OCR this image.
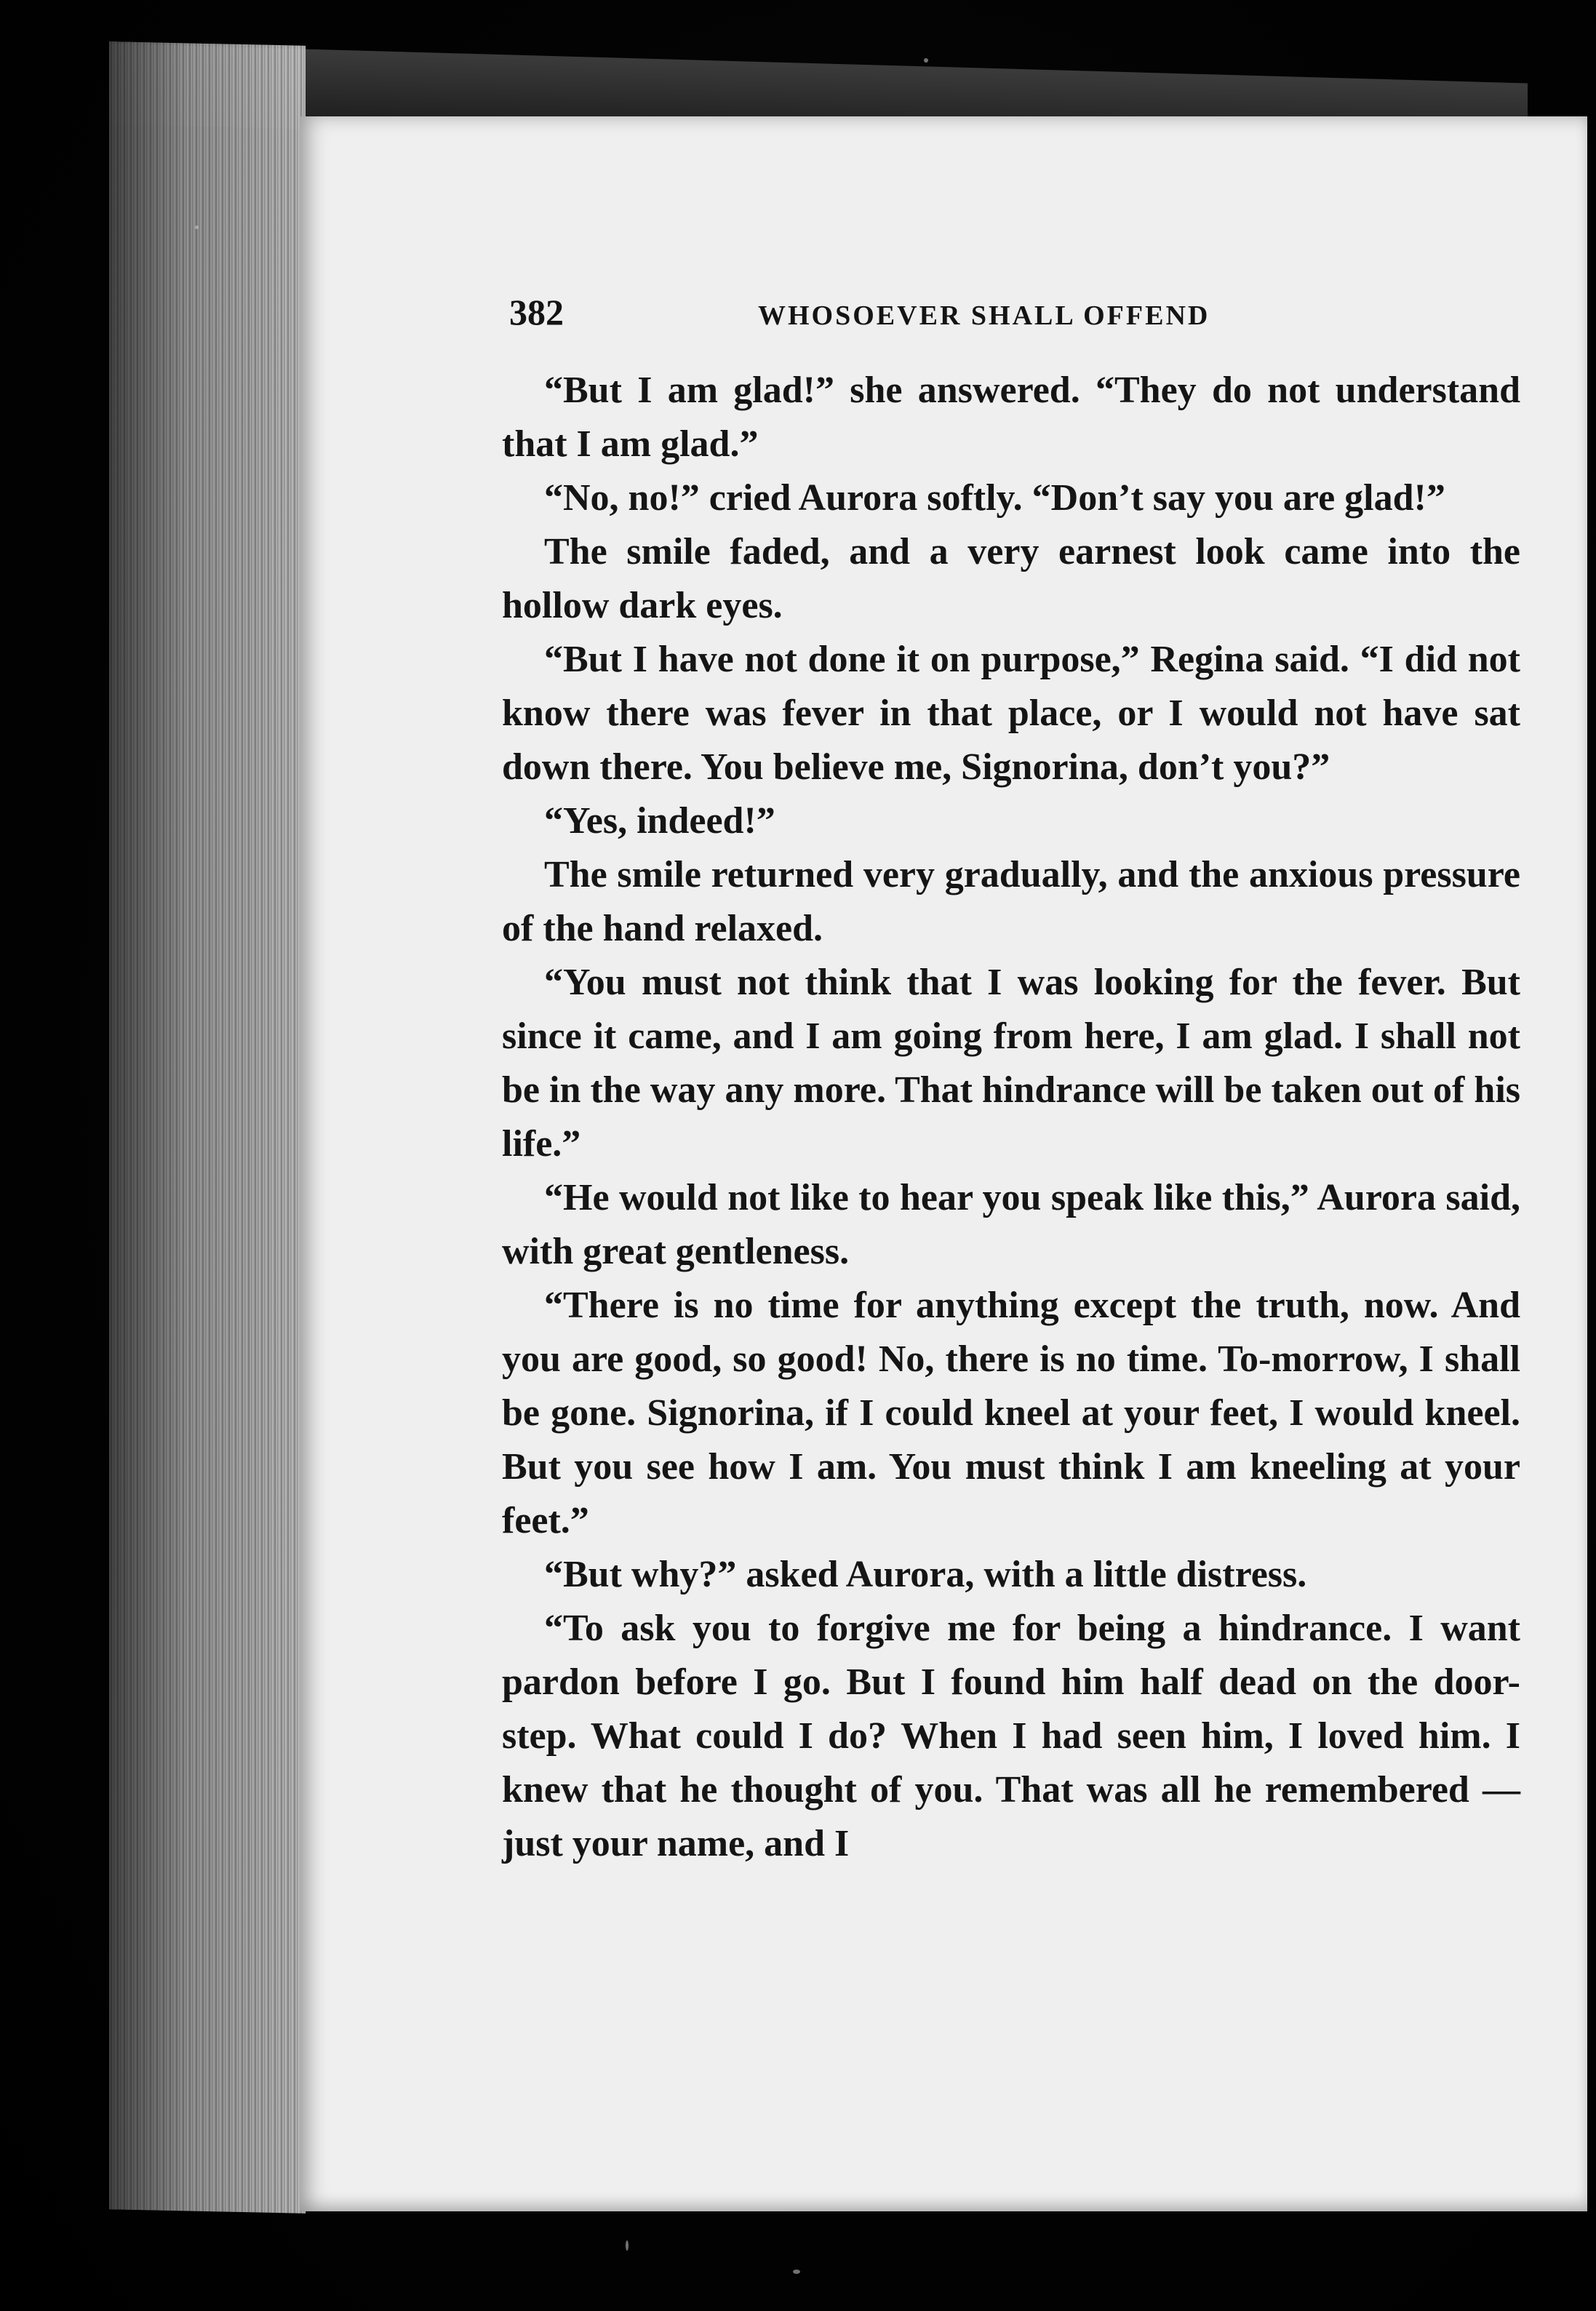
382	WHOSOEVER SHALL OFFEND

“But I am glad!” she answered. “They do not understand that I am glad.”

“No, no!” cried Aurora softly. “Don’t say you are glad!”

The smile faded, and a very earnest look came into the hollow dark eyes.

“But I have not done it on purpose,” Regina said. “I did not know there was fever in that place, or I would not have sat down there. You believe me, Signorina, don’t you?”

“Yes, indeed!”

The smile returned very gradually, and the anxious pressure of the hand relaxed.

“You must not think that I was looking for the fever. But since it came, and I am going from here, I am glad. I shall not be in the way any more. That hindrance will be taken out of his life.”

“He would not like to hear you speak like this,” Aurora said, with great gentleness.

“There is no time for anything except the truth, now. And you are good, so good! No, there is no time. To-morrow, I shall be gone. Signorina, if I could kneel at your feet, I would kneel. But you see how I am. You must think I am kneeling at your feet.”

“But why?” asked Aurora, with a little distress.

“To ask you to forgive me for being a hindrance. I want pardon before I go. But I found him half dead on the door-step. What could I do? When I had seen him, I loved him. I knew that he thought of you. That was all he remembered — just your name, and I
